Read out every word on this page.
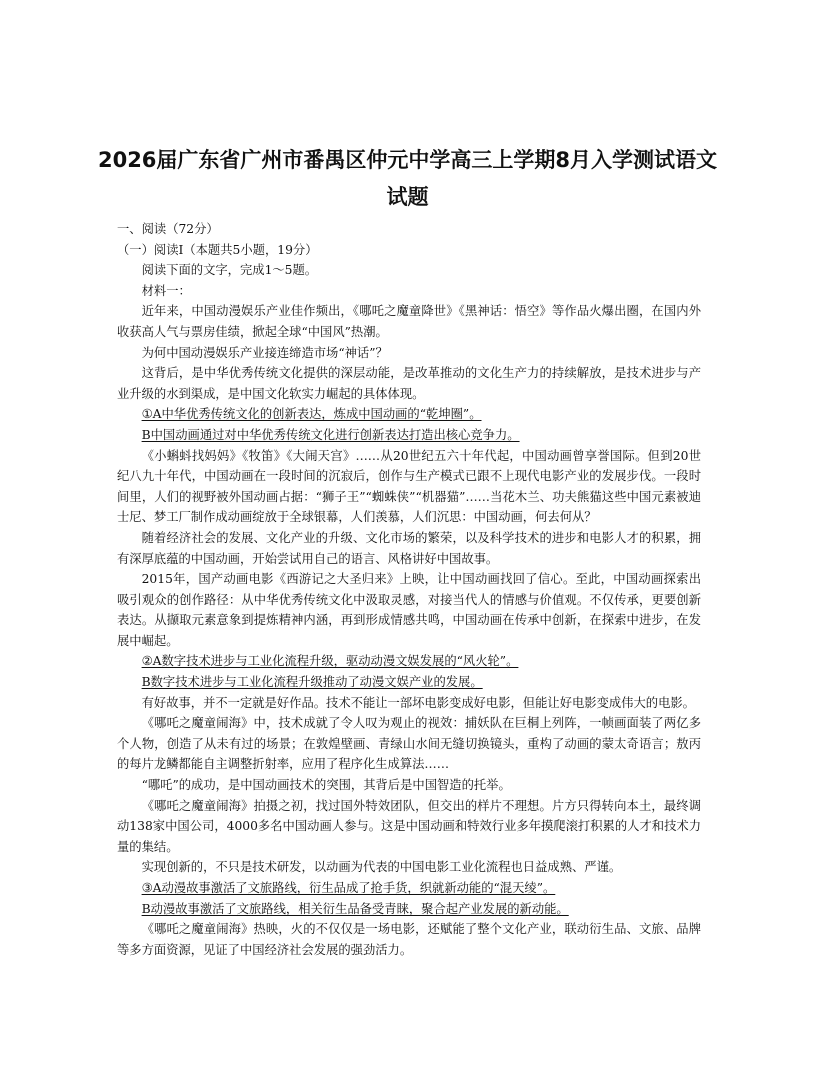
2026届广东省广州市番禺区仲元中学高三上学期8月入学测试语文
试题

一、阅读（72分）

（一）阅读Ⅰ（本题共5小题，19分）

阅读下面的文字，完成1～5题。

材料一：

近年来，中国动漫娱乐产业佳作频出，《哪吒之魔童降世》《黑神话：悟空》等作品火爆出圈，在国内外收获高人气与票房佳绩，掀起全球“中国风”热潮。

为何中国动漫娱乐产业接连缔造市场“神话”？

这背后，是中华优秀传统文化提供的深层动能，是改革推动的文化生产力的持续解放，是技术进步与产业升级的水到渠成，是中国文化软实力崛起的具体体现。

①A中华优秀传统文化的创新表达，炼成中国动画的“乾坤圈”。

B中国动画通过对中华优秀传统文化进行创新表达打造出核心竞争力。

《小蝌蚪找妈妈》《牧笛》《大闹天宫》……从20世纪五六十年代起，中国动画曾享誉国际。但到20世纪八九十年代，中国动画在一段时间的沉寂后，创作与生产模式已跟不上现代电影产业的发展步伐。一段时间里，人们的视野被外国动画占据：“狮子王”“蜘蛛侠”“机器猫”……当花木兰、功夫熊猫这些中国元素被迪士尼、梦工厂制作成动画绽放于全球银幕，人们羡慕，人们沉思：中国动画，何去何从？

随着经济社会的发展、文化产业的升级、文化市场的繁荣，以及科学技术的进步和电影人才的积累，拥有深厚底蕴的中国动画，开始尝试用自己的语言、风格讲好中国故事。

2015年，国产动画电影《西游记之大圣归来》上映，让中国动画找回了信心。至此，中国动画探索出吸引观众的创作路径：从中华优秀传统文化中汲取灵感，对接当代人的情感与价值观。不仅传承，更要创新表达。从撷取元素意象到提炼精神内涵，再到形成情感共鸣，中国动画在传承中创新，在探索中进步，在发展中崛起。

②A数字技术进步与工业化流程升级，驱动动漫文娱发展的“风火轮”。

B数字技术进步与工业化流程升级推动了动漫文娱产业的发展。

有好故事，并不一定就是好作品。技术不能让一部坏电影变成好电影，但能让好电影变成伟大的电影。

《哪吒之魔童闹海》中，技术成就了令人叹为观止的视效：捕妖队在巨桐上列阵，一帧画面装了两亿多个人物，创造了从未有过的场景；在敦煌壁画、青绿山水间无缝切换镜头，重构了动画的蒙太奇语言；敖丙的每片龙鳞都能自主调整折射率，应用了程序化生成算法……

“哪吒”的成功，是中国动画技术的突围，其背后是中国智造的托举。

《哪吒之魔童闹海》拍摄之初，找过国外特效团队，但交出的样片不理想。片方只得转向本土，最终调动138家中国公司，4000多名中国动画人参与。这是中国动画和特效行业多年摸爬滚打积累的人才和技术力量的集结。

实现创新的，不只是技术研发，以动画为代表的中国电影工业化流程也日益成熟、严谨。

③A动漫故事激活了文旅路线，衍生品成了抢手货，织就新动能的“混天绫”。

B动漫故事激活了文旅路线，相关衍生品备受青睐，聚合起产业发展的新动能。

《哪吒之魔童闹海》热映，火的不仅仅是一场电影，还赋能了整个文化产业，联动衍生品、文旅、品牌等多方面资源，见证了中国经济社会发展的强劲活力。
